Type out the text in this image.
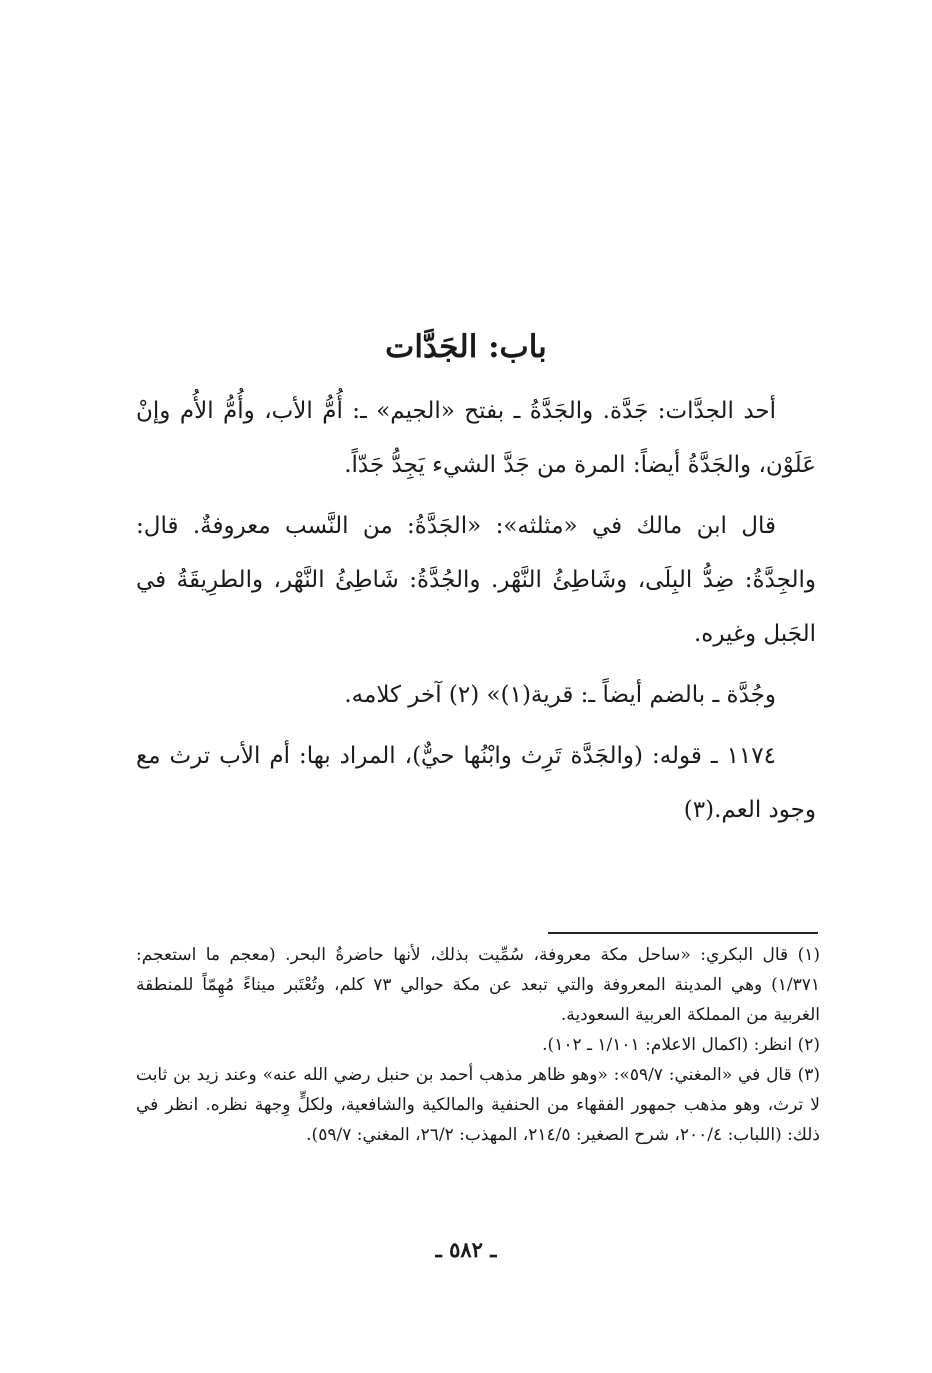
باب: الجَدَّات

أحد الجدَّات: جَدَّة. والجَدَّةُ ـ بفتح «الجيم» ـ: أُمُّ الأب، وأُمُّ الأُم وإنْ عَلَوْن، والجَدَّةُ أيضاً: المرة من جَدَّ الشيء يَجِدُّ جَدّاً.

قال ابن مالك في «مثلثه»: «الجَدَّةُ: من النَّسب معروفةٌ. قال: والجِدَّةُ: ضِدُّ البِلَى، وشَاطِئُ النَّهْر. والجُدَّةُ: شَاطِئُ النَّهْر، والطرِيقَةُ في الجَبل وغيره.

وجُدَّة ـ بالضم أيضاً ـ: قرية(١)» (٢) آخر كلامه.

١١٧٤ ـ قوله: (والجَدَّة تَرِث وابْنُها حيٌّ)، المراد بها: أم الأب ترث مع وجود العم.(٣)

(١) قال البكري: «ساحل مكة معروفة، سُمِّيت بذلك، لأنها حاضرةُ البحر. (معجم ما استعجم: ١/٣٧١) وهي المدينة المعروفة والتي تبعد عن مكة حوالي ٧٣ كلم، وتُعْتَبر ميناءً مُهِمّاً للمنطقة الغربية من المملكة العربية السعودية.
(٢) انظر: (اكمال الاعلام: ١/١٠١ ـ ١٠٢).
(٣) قال في «المغني: ٥٩/٧»: «وهو ظاهر مذهب أحمد بن حنبل رضي الله عنه» وعند زيد بن ثابت لا ترث، وهو مذهب جمهور الفقهاء من الحنفية والمالكية والشافعية، ولكلٍّ وِجهة نظره. انظر في ذلك: (اللباب: ٢٠٠/٤، شرح الصغير: ٢١٤/٥، المهذب: ٢٦/٢، المغني: ٥٩/٧).
ـ ٥٨٢ ـ
